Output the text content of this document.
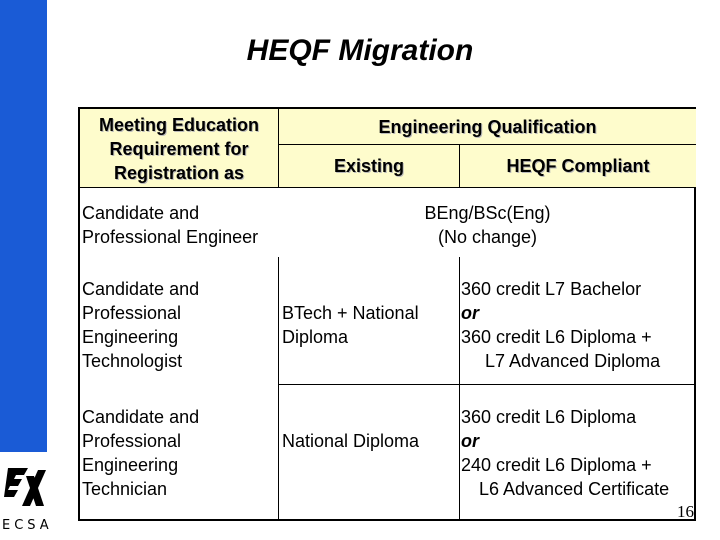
HEQF Migration
Meeting Education Requirement for Registration as
Engineering Qualification
Existing	HEQF Compliant
Candidate and Professional Engineer
BEng/BSc(Eng)
(No change)
Candidate and
Professional
Engineering
Technologist
BTech + National
Diploma
360 credit L7 Bachelor
or
360 credit L6 Diploma +
L7 Advanced Diploma
Candidate and
Professional
Engineering
Technician
National Diploma
360 credit L6 Diploma
or
240 credit L6 Diploma +
L6 Advanced Certificate
16
ECSA
